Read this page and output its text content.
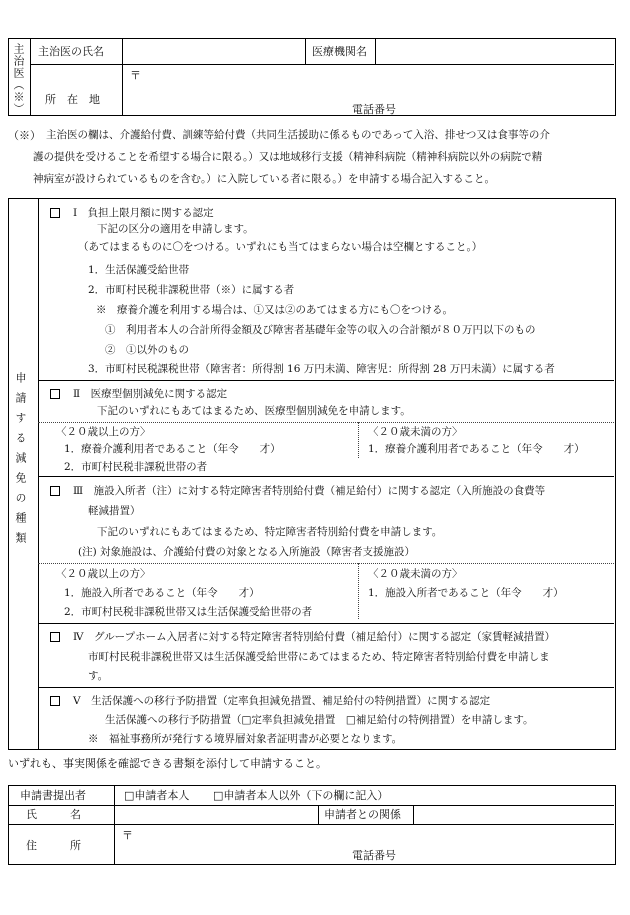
主治医（※） 主治医の氏名	医療機関名
所　在　地
〒
電話番号
（※） 主治医の欄は、介護給付費、訓練等給付費（共同生活援助に係るものであって入浴、排せつ又は食事等の介
護の提供を受けることを希望する場合に限る。）又は地域移行支援（精神科病院（精神科病院以外の病院で精
神病室が設けられているものを含む。）に入院している者に限る。）を申請する場合記入すること。
申請する減免の種類
Ⅰ　負担上限月額に関する認定
下記の区分の適用を申請します。
（あてはまるものに〇をつける。いずれにも当てはまらない場合は空欄とすること。）
1．生活保護受給世帯
2．市町村民税非課税世帯（※）に属する者
※　療養介護を利用する場合は、①又は②のあてはまる方にも〇をつける。
①　利用者本人の合計所得金額及び障害者基礎年金等の収入の合計額が８０万円以下のもの
②　①以外のもの
3．市町村民税課税世帯（障害者：所得割 16 万円未満、障害児：所得割 28 万円未満）に属する者
Ⅱ　医療型個別減免に関する認定
下記のいずれにもあてはまるため、医療型個別減免を申請します。
〈２０歳以上の方〉
1．療養介護利用者であること（年令　　才）
2．市町村民税非課税世帯の者
〈２０歳未満の方〉
1．療養介護利用者であること（年令　　才）
Ⅲ　施設入所者（注）に対する特定障害者特別給付費（補足給付）に関する認定（入所施設の食費等
軽減措置）
下記のいずれにもあてはまるため、特定障害者特別給付費を申請します。
(注) 対象施設は、介護給付費の対象となる入所施設（障害者支援施設）
〈２０歳以上の方〉
1．施設入所者であること（年令　　才）
2．市町村民税非課税世帯又は生活保護受給世帯の者
〈２０歳未満の方〉
1．施設入所者であること（年令　　才）
Ⅳ　グループホーム入居者に対する特定障害者特別給付費（補足給付）に関する認定（家賃軽減措置）
市町村民税非課税世帯又は生活保護受給世帯にあてはまるため、特定障害者特別給付費を申請しま
す。
Ⅴ　生活保護への移行予防措置（定率負担減免措置、補足給付の特例措置）に関する認定
生活保護への移行予防措置（□定率負担減免措置　□補足給付の特例措置）を申請します。
※　福祉事務所が発行する境界層対象者証明書が必要となります。
いずれも、事実関係を確認できる書類を添付して申請すること。
申請書提出者	□申請者本人 □申請者本人以外（下の欄に記入）
氏　　　名	申請者との関係
住　　　所
〒
電話番号
